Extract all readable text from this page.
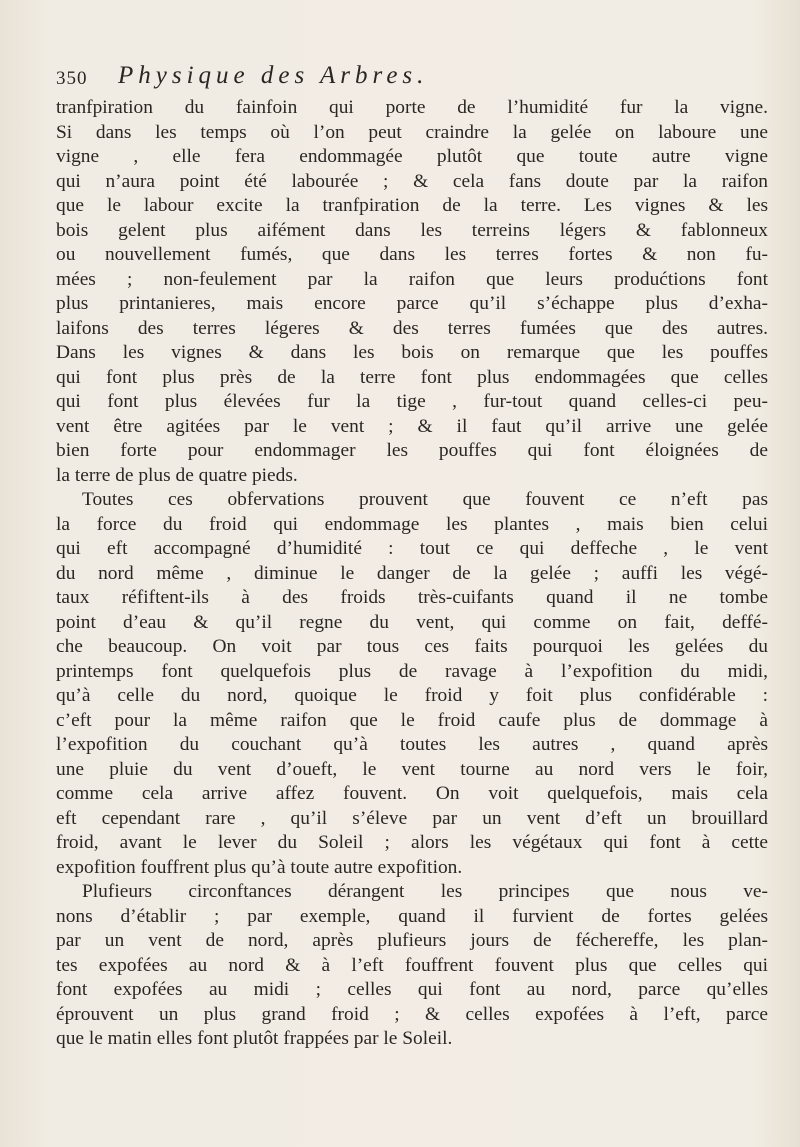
350 Physique des Arbres.
tranfpiration du fainfoin qui porte de l’humidité fur la vigne.
Si dans les temps où l’on peut craindre la gelée on laboure une
vigne , elle fera endommagée plutôt que toute autre vigne
qui n’aura point été labourée ; & cela fans doute par la raifon
que le labour excite la tranfpiration de la terre. Les vignes & les
bois gelent plus aifément dans les terreins légers & fablonneux
ou nouvellement fumés, que dans les terres fortes & non fu-
mées ; non-feulement par la raifon que leurs produćtions font
plus printanieres, mais encore parce qu’il s’échappe plus d’exha-
laifons des terres légeres & des terres fumées que des autres.
Dans les vignes & dans les bois on remarque que les pouffes
qui font plus près de la terre font plus endommagées que celles
qui font plus élevées fur la tige , fur-tout quand celles-ci peu-
vent être agitées par le vent ; & il faut qu’il arrive une gelée
bien forte pour endommager les pouffes qui font éloignées de
la terre de plus de quatre pieds.
Toutes ces obfervations prouvent que fouvent ce n’eft pas
la force du froid qui endommage les plantes , mais bien celui
qui eft accompagné d’humidité : tout ce qui deffeche , le vent
du nord même , diminue le danger de la gelée ; auffi les végé-
taux réfiftent-ils à des froids très-cuifants quand il ne tombe
point d’eau & qu’il regne du vent, qui comme on fait, deffé-
che beaucoup. On voit par tous ces faits pourquoi les gelées du
printemps font quelquefois plus de ravage à l’expofition du midi,
qu’à celle du nord, quoique le froid y foit plus confidérable :
c’eft pour la même raifon que le froid caufe plus de dommage à
l’expofition du couchant qu’à toutes les autres , quand après
une pluie du vent d’oueft, le vent tourne au nord vers le foir,
comme cela arrive affez fouvent. On voit quelquefois, mais cela
eft cependant rare , qu’il s’éleve par un vent d’eft un brouillard
froid, avant le lever du Soleil ; alors les végétaux qui font à cette
expofition fouffrent plus qu’à toute autre expofition.
Plufieurs circonftances dérangent les principes que nous ve-
nons d’établir ; par exemple, quand il furvient de fortes gelées
par un vent de nord, après plufieurs jours de féchereffe, les plan-
tes expofées au nord & à l’eft fouffrent fouvent plus que celles qui
font expofées au midi ; celles qui font au nord, parce qu’elles
éprouvent un plus grand froid ; & celles expofées à l’eft, parce
que le matin elles font plutôt frappées par le Soleil.
